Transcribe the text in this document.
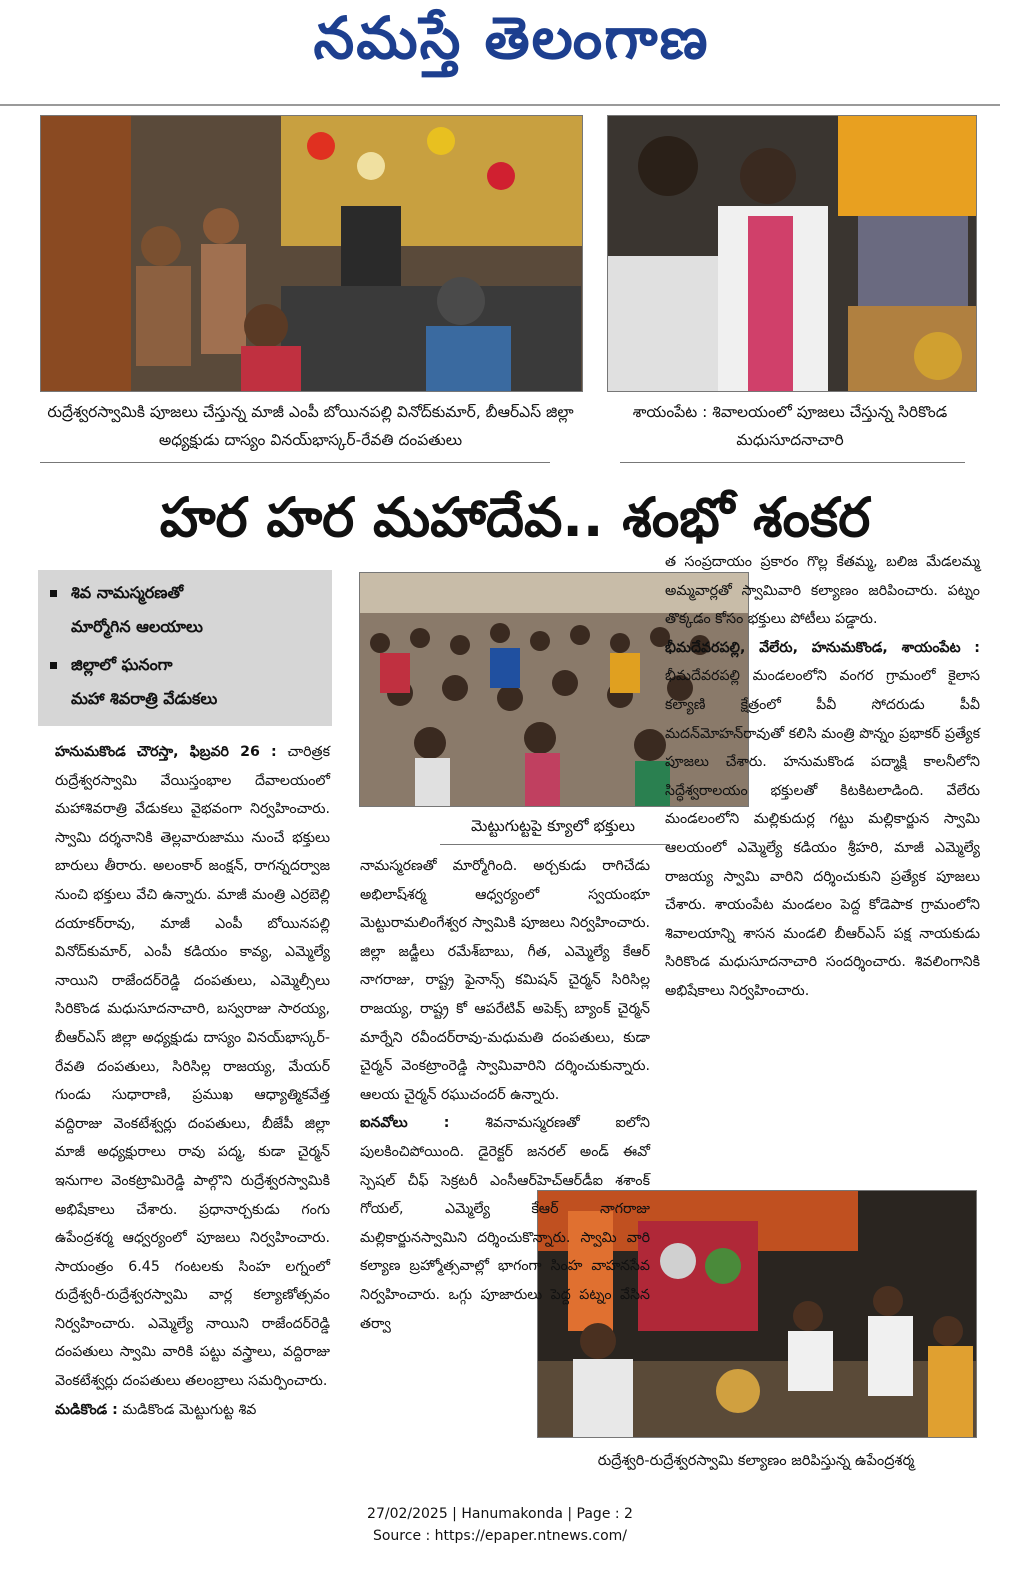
నమస్తే తెలంగాణ
రుద్రేశ్వరస్వామికి పూజలు చేస్తున్న మాజీ ఎంపీ బోయినపల్లి వినోద్‌కుమార్, బీఆర్‌ఎస్ జిల్లా అధ్యక్షుడు దాస్యం వినయ్‌భాస్కర్-రేవతి దంపతులు
శాయంపేట : శివాలయంలో పూజలు చేస్తున్న సిరికొండ మధుసూదనాచారి
హర హర మహాదేవ.. శంభో శంకర
శివ నామస్మరణతో
మార్మోగిన ఆలయాలు
జిల్లాలో ఘనంగా
మహా శివరాత్రి వేడుకలు
మెట్టుగుట్టపై క్యూలో భక్తులు
రుద్రేశ్వరి-రుద్రేశ్వరస్వామి కల్యాణం జరిపిస్తున్న ఉపేంద్రశర్మ

హనుమకొండ చౌరస్తా, ఫిబ్రవరి 26 : చారిత్రక రుద్రేశ్వరస్వామి వేయిస్తంభాల దేవాలయంలో మహాశివరాత్రి వేడుకలు వైభవంగా నిర్వహించారు. స్వామి దర్శనానికి తెల్లవారుజాము నుంచే భక్తులు బారులు తీరారు. అలంకార్ జంక్షన్, రాగన్నదర్వాజ నుంచి భక్తులు వేచి ఉన్నారు. మాజీ మంత్రి ఎర్రబెల్లి దయాకర్‌రావు, మాజీ ఎంపీ బోయినపల్లి వినోద్‌కుమార్, ఎంపీ కడియం కావ్య, ఎమ్మెల్యే నాయిని రాజేందర్‌రెడ్డి దంపతులు, ఎమ్మెల్సీలు సిరికొండ మధుసూదనాచారి, బస్వరాజు సారయ్య, బీఆర్‌ఎస్ జిల్లా అధ్యక్షుడు దాస్యం వినయ్‌భాస్కర్-రేవతి దంపతులు, సిరిసిల్ల రాజయ్య, మేయర్ గుండు సుధారాణి, ప్రముఖ ఆధ్యాత్మికవేత్త వద్దిరాజు వెంకటేశ్వర్లు దంపతులు, బీజేపీ జిల్లా మాజీ అధ్యక్షురాలు రావు పద్మ, కుడా చైర్మన్ ఇనుగాల వెంకట్రామిరెడ్డి పాల్గొని రుద్రేశ్వరస్వామికి అభిషేకాలు చేశారు. ప్రధానార్చకుడు గంగు ఉపేంద్రశర్మ ఆధ్వర్యంలో పూజలు నిర్వహించారు. సాయంత్రం 6.45 గంటలకు సింహ లగ్నంలో రుద్రేశ్వరీ-రుద్రేశ్వరస్వామి వార్ల కల్యాణోత్సవం నిర్వహించారు. ఎమ్మెల్యే నాయిని రాజేందర్‌రెడ్డి దంపతులు స్వామి వారికి పట్టు వస్త్రాలు, వద్దిరాజు వెంకటేశ్వర్లు దంపతులు తలంబ్రాలు సమర్పించారు.

మడికొండ : మడికొండ మెట్టుగుట్ట శివ

నామస్మరణతో మార్మోగింది. అర్చకుడు రాగిచేడు అభిలాష్‌శర్మ ఆధ్వర్యంలో స్వయంభూ మెట్టురామలింగేశ్వర స్వామికి పూజలు నిర్వహించారు. జిల్లా జడ్జీలు రమేశ్‌బాబు, గీత, ఎమ్మెల్యే కేఆర్ నాగరాజు, రాష్ట్ర ఫైనాన్స్ కమిషన్ చైర్మన్ సిరిసిల్ల రాజయ్య, రాష్ట్ర కో ఆపరేటివ్ అపెక్స్ బ్యాంక్ చైర్మన్ మార్నేని రవీందర్‌రావు-మధుమతి దంపతులు, కుడా చైర్మన్ వెంకట్రాంరెడ్డి స్వామివారిని దర్శించుకున్నారు. ఆలయ చైర్మన్ రఘుచందర్ ఉన్నారు.

ఐనవోలు :	శివనామస్మరణతో ఐలోని పులకించిపోయింది. డైరెక్టర్ జనరల్ అండ్ ఈవో స్పెషల్ చీఫ్ సెక్రటరీ ఎంసీఆర్‌హెచ్‌ఆర్‌డీఐ శశాంక్ గోయల్, ఎమ్మెల్యే కేఆర్ నాగరాజు మల్లికార్జునస్వామిని దర్శించుకొన్నారు. స్వామి వారి కల్యాణ బ్రహ్మోత్సవాల్లో భాగంగా సింహ వాహనసేవ నిర్వహించారు. ఒగ్గు పూజారులు పెద్ద పట్నం వేసిన తర్వా

త సంప్రదాయం ప్రకారం గొల్ల కేతమ్మ, బలిజ మేడలమ్మ అమ్మవార్లతో స్వామివారి కల్యాణం జరిపించారు. పట్నం తొక్కడం కోసం భక్తులు పోటీలు పడ్డారు.

భీమదేవరపల్లి, వేలేరు, హనుమకొండ, శాయంపేట : భీమదేవరపల్లి మండలంలోని వంగర గ్రామంలో కైలాస కల్యాణి క్షేత్రంలో పీవీ సోదరుడు పీవీ మదన్‌మోహన్‌రావుతో కలిసి మంత్రి పొన్నం ప్రభాకర్ ప్రత్యేక పూజలు చేశారు. హనుమకొండ పద్మాక్షి కాలనీలోని సిద్ధేశ్వరాలయం భక్తులతో కిటకిటలాడింది. వేలేరు మండలంలోని మల్లికుదుర్ల గట్టు మల్లికార్జున స్వామి ఆలయంలో ఎమ్మెల్యే కడియం శ్రీహరి, మాజీ ఎమ్మెల్యే రాజయ్య స్వామి వారిని దర్శించుకుని ప్రత్యేక పూజలు చేశారు. శాయంపేట మండలం పెద్ద కోడెపాక గ్రామంలోని శివాలయాన్ని శాసన మండలి బీఆర్‌ఎస్ పక్ష నాయకుడు సిరికొండ మధుసూదనాచారి సందర్శించారు. శివలింగానికి అభిషేకాలు నిర్వహించారు.

27/02/2025 | Hanumakonda | Page : 2
Source : https://epaper.ntnews.com/
